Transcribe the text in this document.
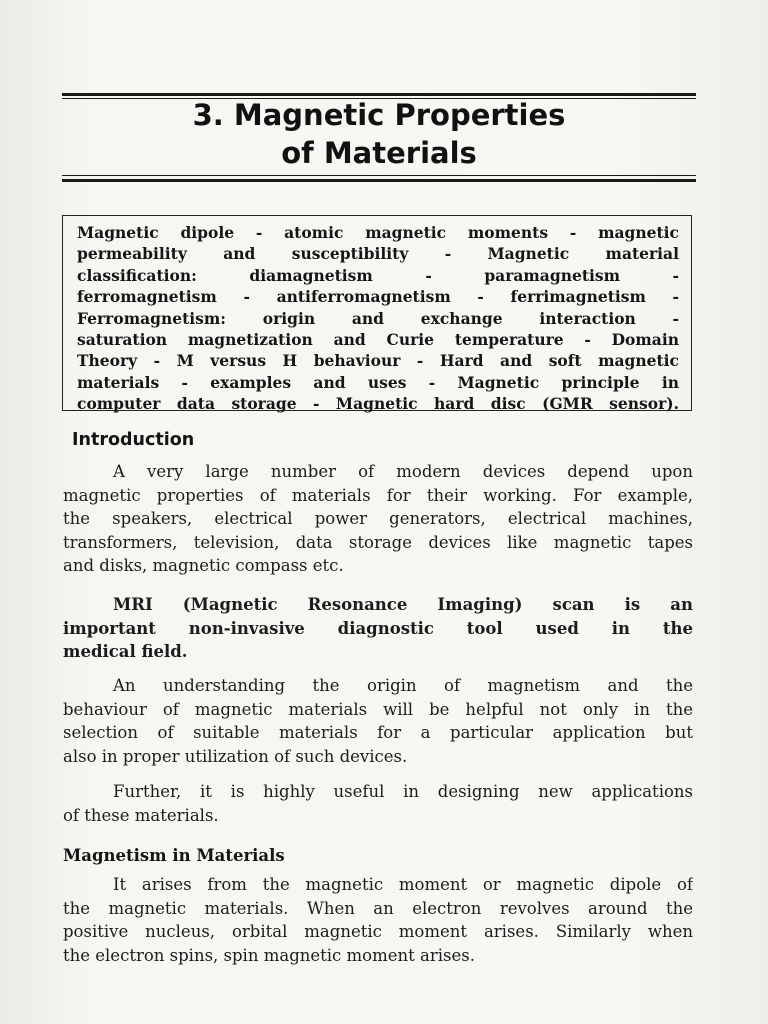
3. Magnetic Properties
of Materials
Magnetic dipole - atomic magnetic moments - magnetic
permeability and susceptibility - Magnetic material
classification: diamagnetism - paramagnetism -
ferromagnetism - antiferromagnetism - ferrimagnetism -
Ferromagnetism: origin and exchange interaction -
saturation magnetization and Curie temperature - Domain
Theory - M versus H behaviour - Hard and soft magnetic
materials - examples and uses - Magnetic principle in
computer data storage - Magnetic hard disc (GMR sensor).
Introduction
A very large number of modern devices depend upon
magnetic properties of materials for their working. For example,
the speakers, electrical power generators, electrical machines,
transformers, television, data storage devices like magnetic tapes
and disks, magnetic compass etc.
MRI (Magnetic Resonance Imaging) scan is an
important non-invasive diagnostic tool used in the
medical field.
An understanding the origin of magnetism and the
behaviour of magnetic materials will be helpful not only in the
selection of suitable materials for a particular application but
also in proper utilization of such devices.
Further, it is highly useful in designing new applications
of these materials.
Magnetism in Materials
It arises from the magnetic moment or magnetic dipole of
the magnetic materials. When an electron revolves around the
positive nucleus, orbital magnetic moment arises. Similarly when
the electron spins, spin magnetic moment arises.
